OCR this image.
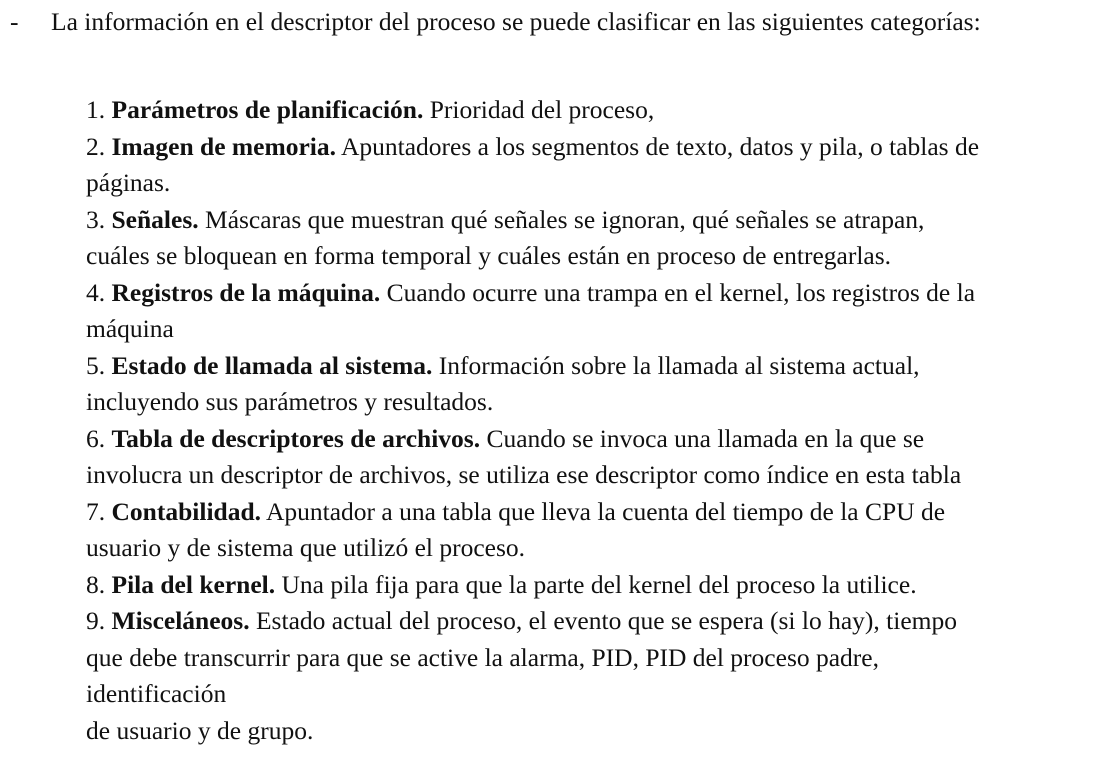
- La información en el descriptor del proceso se puede clasificar en las siguientes categorías:
1. Parámetros de planificación. Prioridad del proceso,
2. Imagen de memoria. Apuntadores a los segmentos de texto, datos y pila, o tablas de
páginas.
3. Señales. Máscaras que muestran qué señales se ignoran, qué señales se atrapan,
cuáles se bloquean en forma temporal y cuáles están en proceso de entregarlas.
4. Registros de la máquina. Cuando ocurre una trampa en el kernel, los registros de la
máquina
5. Estado de llamada al sistema. Información sobre la llamada al sistema actual,
incluyendo sus parámetros y resultados.
6. Tabla de descriptores de archivos. Cuando se invoca una llamada en la que se
involucra un descriptor de archivos, se utiliza ese descriptor como índice en esta tabla
7. Contabilidad. Apuntador a una tabla que lleva la cuenta del tiempo de la CPU de
usuario y de sistema que utilizó el proceso.
8. Pila del kernel. Una pila fija para que la parte del kernel del proceso la utilice.
9. Misceláneos. Estado actual del proceso, el evento que se espera (si lo hay), tiempo
que debe transcurrir para que se active la alarma, PID, PID del proceso padre,
identificación
de usuario y de grupo.
